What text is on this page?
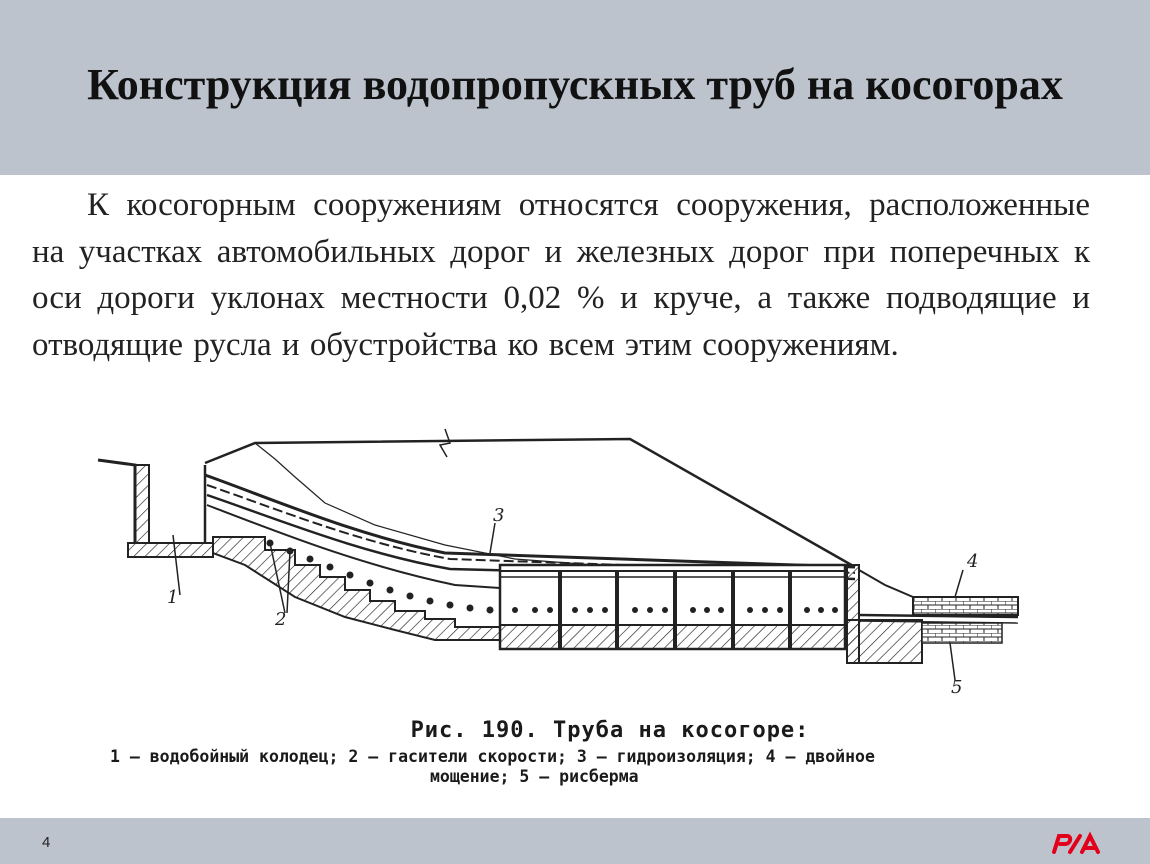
Конструкция водопропускных труб на косогорах
К косогорным сооружениям относятся сооружения, расположенные на участках автомобильных дорог и железных дорог при поперечных к оси дороги уклонах местности 0,02 % и круче, а также подводящие и отводящие русла и обустройства ко всем этим сооружениям.
1
2
3
4
5
Рис. 190. Труба на косогоре:
1 — водобойный колодец; 2 — гасители скорости; 3 — гидроизоляция; 4 — двойное
мощение; 5 — рисберма
4
